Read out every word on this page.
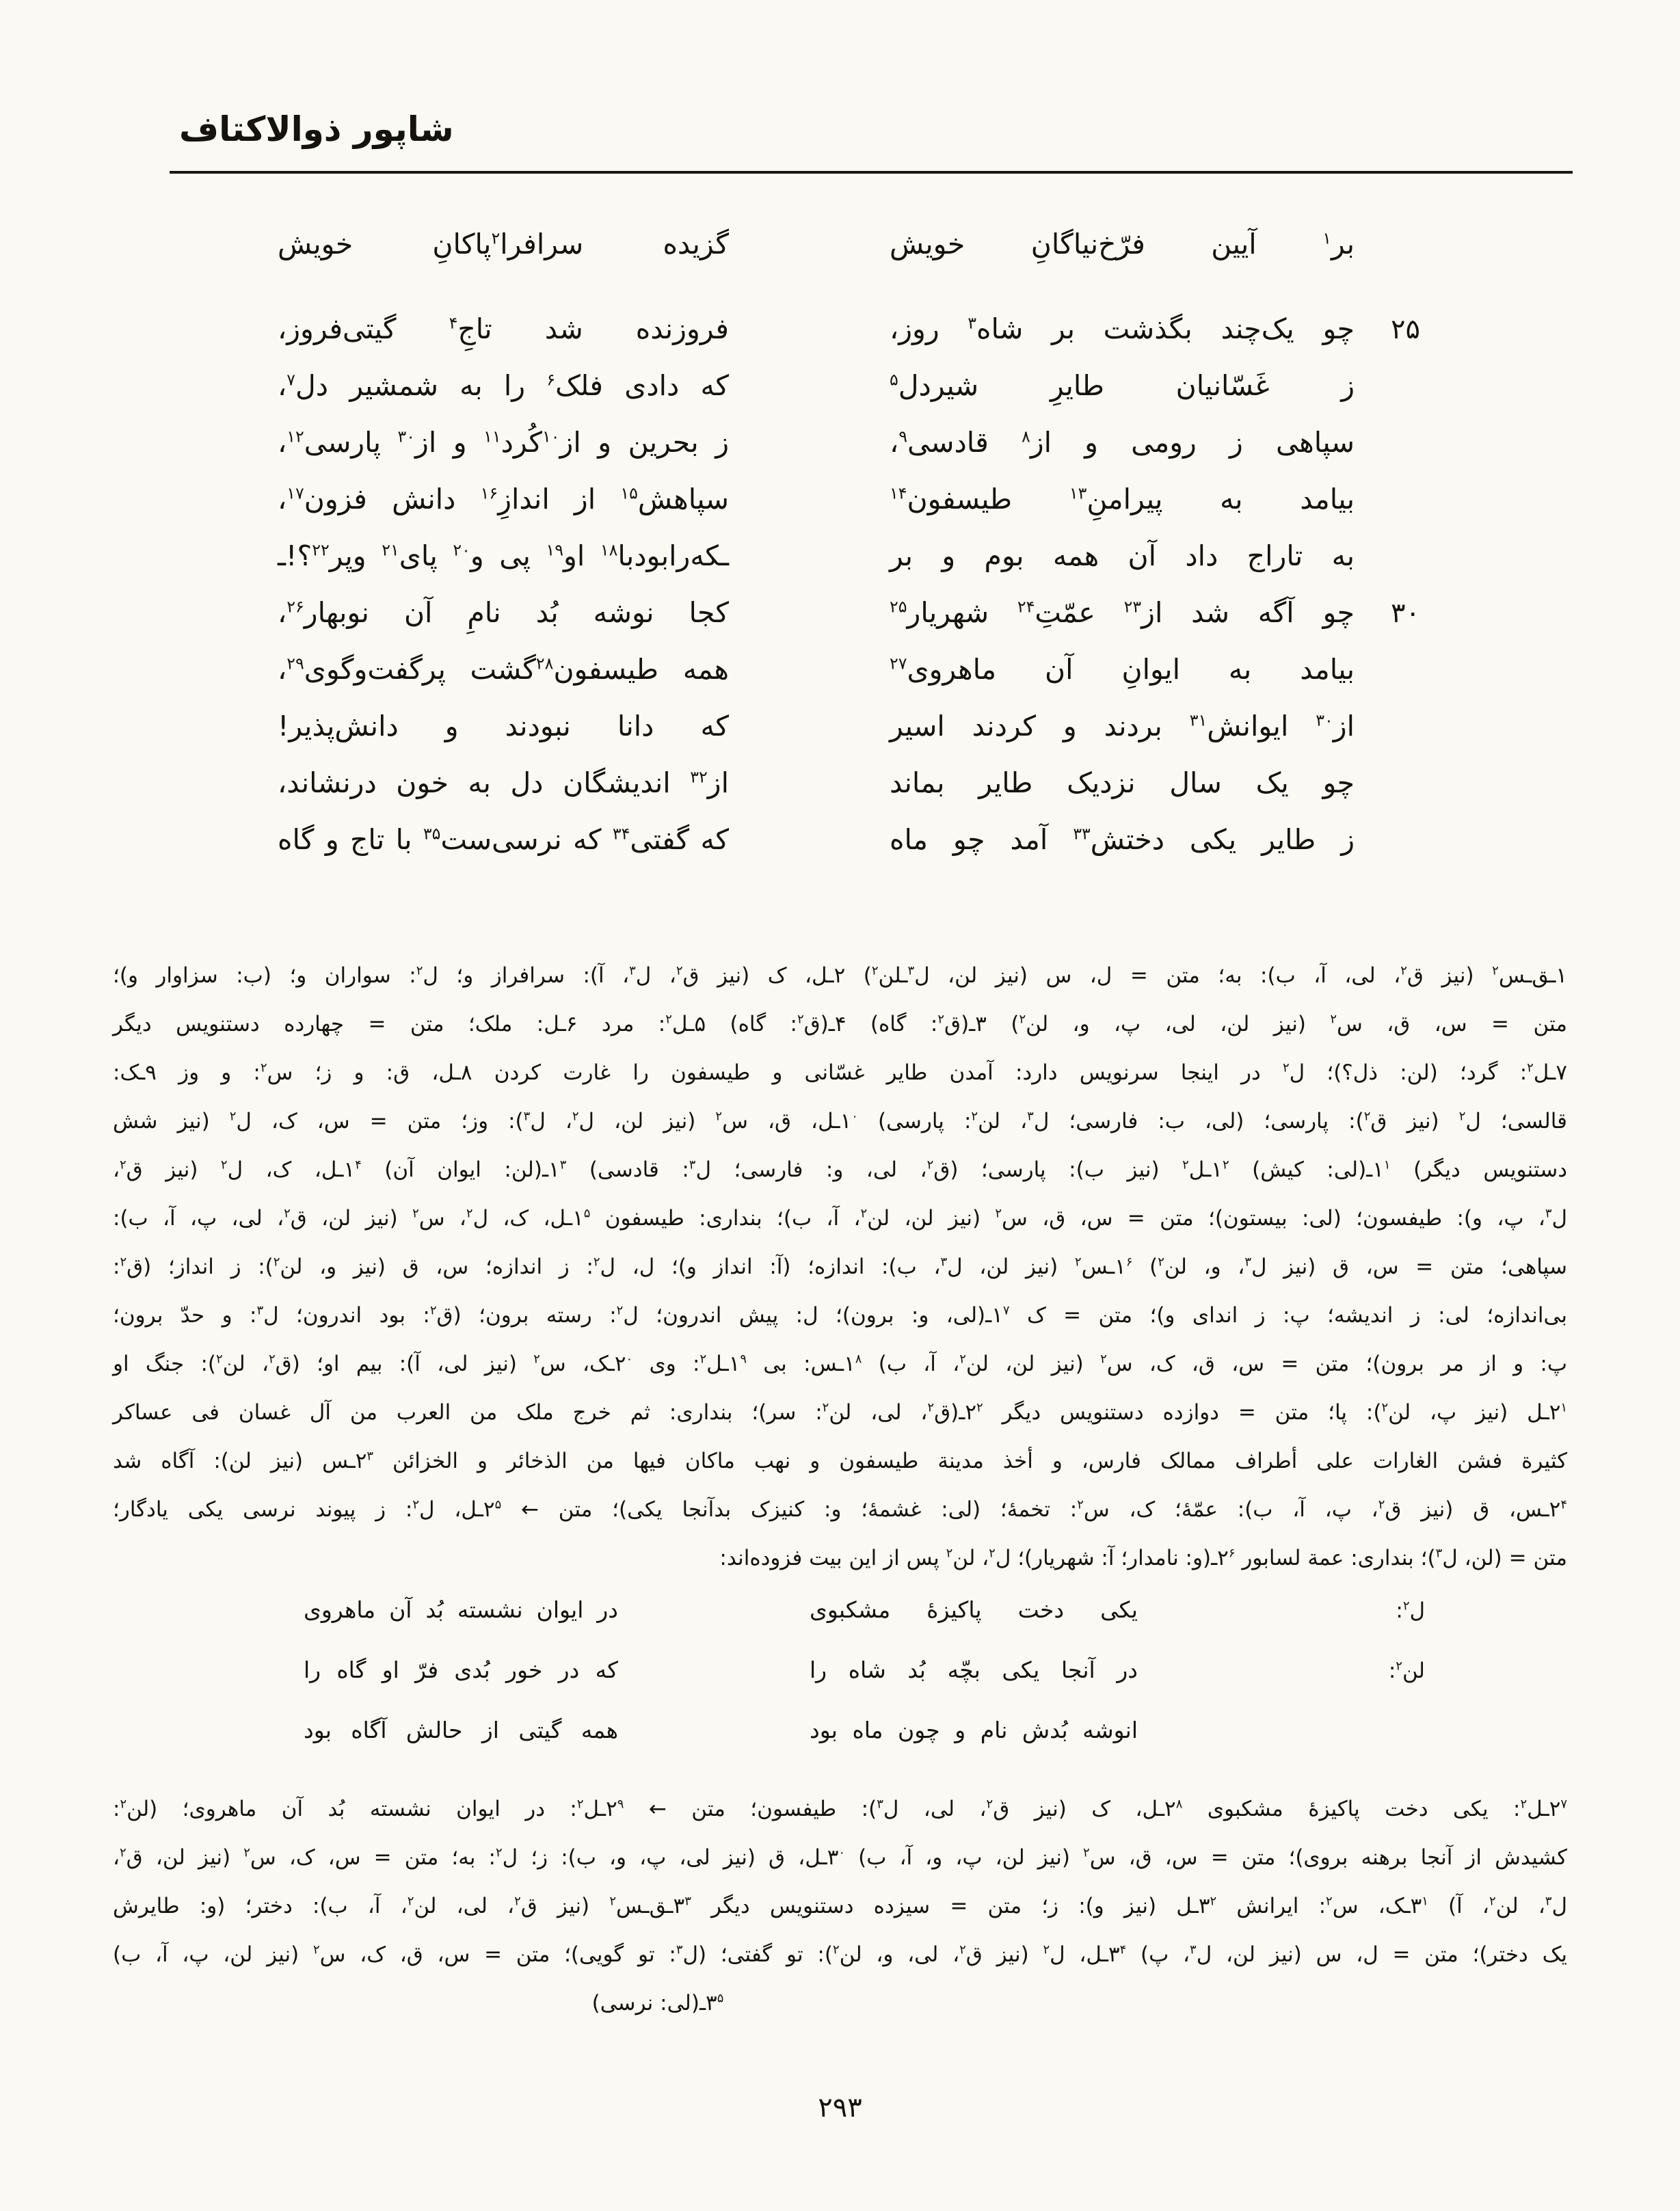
شاپور ذوالاکتاف
بر$^۱$ آیین فرّخ‌نیاگانِ خویش
گزیده سرافرا$^۲$پاکانِ خویش
۲۵
چو یک‌چند بگذشت بر شاه$^۳$ روز،
فروزنده شد تاجِ$^۴$ گیتی‌فروز،
ز غَسّانیان طایرِ شیردل$^۵$
که دادی فلک$^۶$ را به شمشیر دل$^۷$،
سپاهی ز رومی و از$^۸$ قادسی$^۹$،
ز بحرین و از$^{۱۰}$کُرد$^{۱۱}$ و از$^{۳۰}$ پارسی$^{۱۲}$،
بیامد به پیرامنِ$^{۱۳}$ طیسفون$^{۱۴}$
سپاهش$^{۱۵}$ از اندازِ$^{۱۶}$ دانش فزون$^{۱۷}$،
به تاراج داد آن همه بوم و بر
ـکه‌رابودبا$^{۱۸}$ او$^{۱۹}$ پی و$^{۲۰}$ پای$^{۲۱}$ وپر$^{۲۲}$؟!ـ
۳۰
چو آگه شد از$^{۲۳}$ عمّتِ$^{۲۴}$ شهریار$^{۲۵}$
کجا نوشه بُد نامِ آن نوبهار$^{۲۶}$،
بیامد به ایوانِ آن ماهروی$^{۲۷}$
همه طیسفون$^{۲۸}$گشت پرگفت‌وگوی$^{۲۹}$،
از$^{۳۰}$ ایوانش$^{۳۱}$ بردند و کردند اسیر
که دانا نبودند و دانش‌پذیر!
چو یک سال نزدیک طایر بماند
از$^{۳۲}$ اندیشگان دل به خون درنشاند،
ز طایر یکی دختش$^{۳۳}$ آمد چو ماه
که گفتی$^{۳۴}$ که نرسی‌ست$^{۳۵}$ با تاج و گاه
۱ـق‌ـس$^۲$ (نیز ق$^۲$، لی، آ، ب): به؛ متن = ل، س (نیز لن، ل$^۳$ـلن$^۲$) ۲ـل، ک (نیز ق$^۲$، ل$^۳$، آ): سرافراز و؛ ل$^۲$: سواران و؛ (ب: سزاوار و)؛
متن = س، ق، س$^۲$ (نیز لن، لی، پ، و، لن$^۲$) ۳ـ(ق$^۲$: گاه) ۴ـ(ق$^۲$: گاه) ۵ـل$^۲$: مرد ۶ـل: ملک؛ متن = چهارده دستنویس دیگر
۷ـل$^۲$: گرد؛ (لن: ذل؟)؛ ل$^۲$ در اینجا سرنویس دارد: آمدن طایر غسّانی و طیسفون را غارت کردن ۸ـل، ق: و ز؛ س$^۲$: و وز ۹ـک:
قالسی؛ ل$^۲$ (نیز ق$^۲$): پارسی؛ (لی، ب: فارسی؛ ل$^۳$، لن$^۲$: پارسی) $۱^۰ـل،$ ق، س$^۲$ (نیز لن، ل$^۲$، ل$^۳$): وز؛ متن = س، ک، ل$^۲$ (نیز شش
دستنویس دیگر) $۱^۱ـ(لی$: کیش) $۱^۲ـل^۲$ (نیز ب): پارسی؛ (ق$^۲$، لی، و: فارسی؛ ل$^۳$: قادسی) $۱^۳ـ(لن$: ایوان آن) $۱^۴ـل،$ ک، ل$^۲$ (نیز ق$^۲$،
ل$^۳$، پ، و): طیفسون؛ (لی: بیستون)؛ متن = س، ق، س$^۲$ (نیز لن، لن$^۲$، آ، ب)؛ بنداری: طیسفون $۱^۵ـل،$ ک، ل$^۲$، س$^۲$ (نیز لن، ق$^۲$، لی، پ، آ، ب):
سپاهی؛ متن = س، ق (نیز ل$^۳$، و، لن$^۲$) $۱^۶ـس^۲$ (نیز لن، ل$^۳$، ب): اندازه؛ (آ: انداز و)؛ ل، ل$^۲$: ز اندازه؛ س، ق (نیز و، لن$^۲$): ز انداز؛ (ق$^۲$:
بی‌اندازه؛ لی: ز اندیشه؛ پ: ز اندای و)؛ متن = ک $۱^۷ـ(لی،$ و: برون)؛ ل: پیش اندرون؛ ل$^۲$: رسته برون؛ (ق$^۲$: بود اندرون؛ ل$^۳$: و حدّ برون؛
پ: و از مر برون)؛ متن = س، ق، ک، س$^۲$ (نیز لن، لن$^۲$، آ، ب) $۱^۸ـس$: بی $۱^۹ـل^۲$: وی $۲^۰ـک،$ س$^۲$ (نیز لی، آ): بیم او؛ (ق$^۲$، لن$^۲$): جنگ او
$۲^۱ـل$ (نیز پ، لن$^۲$): پا؛ متن = دوازده دستنویس دیگر $۲^۲ـ(ق^۲،$ لی، لن$^۲$: سر)؛ بنداری: ثم خرج ملک من العرب من آل غسان فی عساکر
کثیرة فشن الغارات علی أطراف ممالک فارس، و أخذ مدینة طیسفون و نهب ماکان فیها من الذخائر و الخزائن $۲^۳ـس$ (نیز لن): آگاه شد
$۲^۴ـس،$ ق (نیز ق$^۲$، پ، آ، ب): عمّهٔ؛ ک، س$^۲$: تخمهٔ؛ (لی: غشمهٔ؛ و: کنیزک بدآنجا یکی)؛ متن ← $۲^۵ـل،$ ل$^۲$: ز پیوند نرسی یکی یادگار؛
متن = (لن، ل$^۳$)؛ بنداری: عمة لسابور $۲^۶ـ(و$: نامدار؛ آ: شهریار)؛ ل$^۲$، لن$^۲$ پس از این بیت فزوده‌اند:
ل$^۲$:
یکی دخت پاکیزهٔ مشکبوی
در ایوان نشسته بُد آن ماهروی
لن$^۲$:
در آنجا یکی بچّه بُد شاه را
که در خور بُدی فرّ او گاه را
انوشه بُدش نام و چون ماه بود
همه گیتی از حالش آگاه بود
$۲^۷ـل^۲$: یکی دخت پاکیزهٔ مشکبوی $۲^۸ـل،$ ک (نیز ق$^۲$، لی، ل$^۳$): طیفسون؛ متن ← $۲^۹ـل^۲$: در ایوان نشسته بُد آن ماهروی؛ (لن$^۲$:
کشیدش از آنجا برهنه بروی)؛ متن = س، ق، س$^۲$ (نیز لن، پ، و، آ، ب) $۳^۰ـل،$ ق (نیز لی، پ، و، ب): ز؛ ل$^۲$: به؛ متن = س، ک، س$^۲$ (نیز لن، ق$^۲$،
ل$^۳$، لن$^۲$، آ) $۳^۱ـک،$ س$^۲$: ایرانش $۳^۲ـل$ (نیز و): ز؛ متن = سیزده دستنویس دیگر $۳^۳ـق‌ـس^۲$ (نیز ق$^۲$، لی، لن$^۲$، آ، ب): دختر؛ (و: طایرش
یک دختر)؛ متن = ل، س (نیز لن، ل$^۳$، پ) $۳^۴ـل،$ ل$^۲$ (نیز ق$^۲$، لی، و، لن$^۲$): تو گفتی؛ (ل$^۳$: تو گویی)؛ متن = س، ق، ک، س$^۲$ (نیز لن، پ، آ، ب)
$۳^۵ـ(لی$: نرسی)
۲۹۳
